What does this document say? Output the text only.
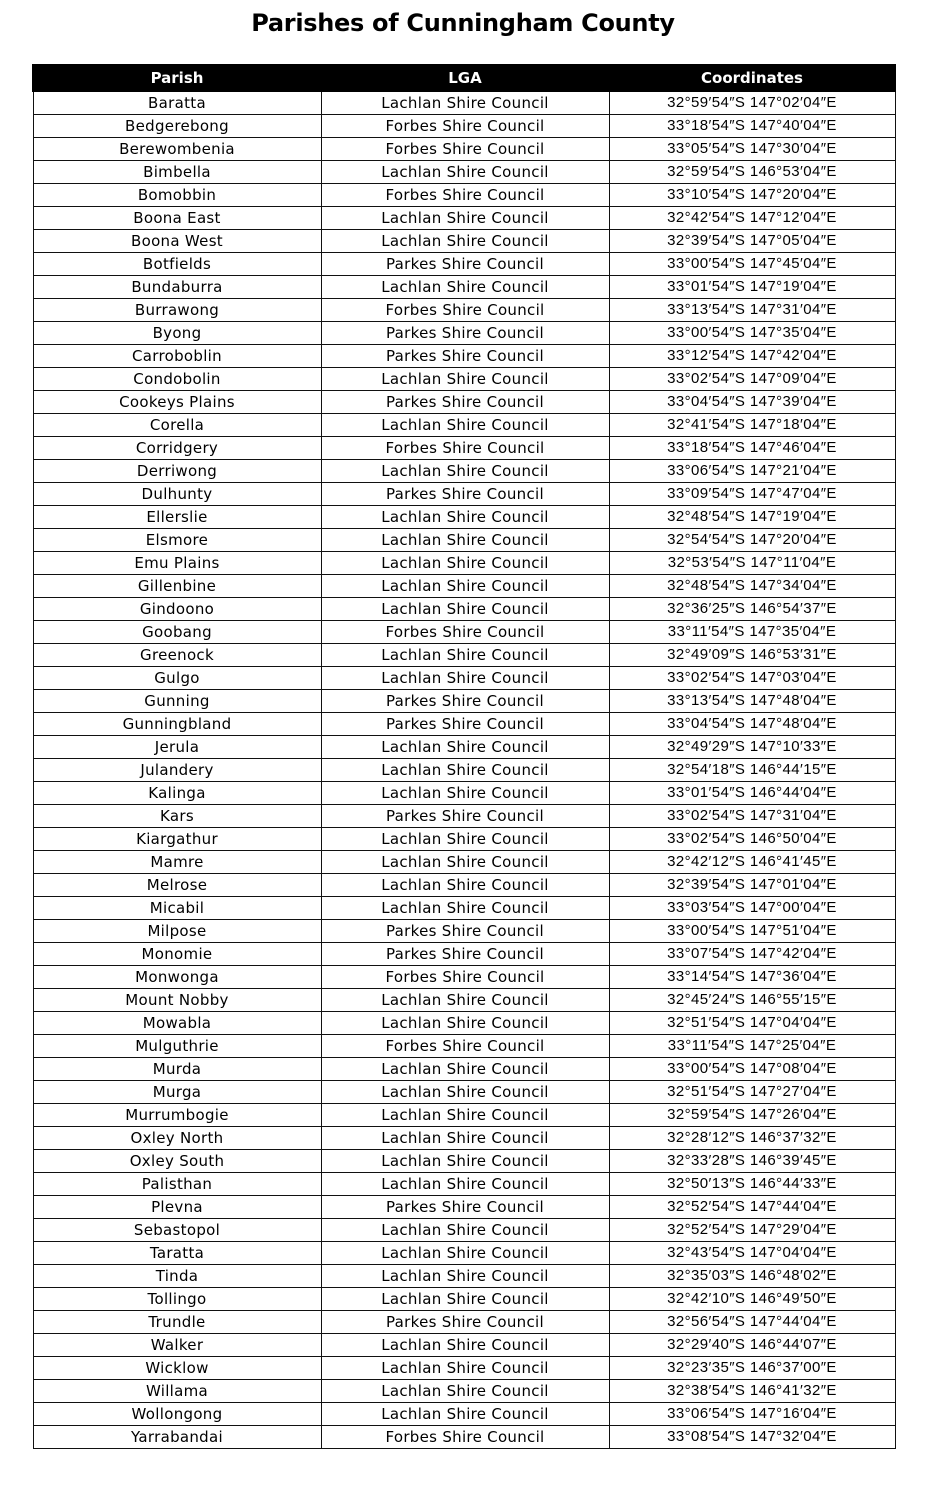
Parishes of Cunningham County
Parish	LGA	Coordinates
Baratta	Lachlan Shire Council	32°59′54″S 147°02′04″E
Bedgerebong	Forbes Shire Council	33°18′54″S 147°40′04″E
Berewombenia	Forbes Shire Council	33°05′54″S 147°30′04″E
Bimbella	Lachlan Shire Council	32°59′54″S 146°53′04″E
Bomobbin	Forbes Shire Council	33°10′54″S 147°20′04″E
Boona East	Lachlan Shire Council	32°42′54″S 147°12′04″E
Boona West	Lachlan Shire Council	32°39′54″S 147°05′04″E
Botfields	Parkes Shire Council	33°00′54″S 147°45′04″E
Bundaburra	Lachlan Shire Council	33°01′54″S 147°19′04″E
Burrawong	Forbes Shire Council	33°13′54″S 147°31′04″E
Byong	Parkes Shire Council	33°00′54″S 147°35′04″E
Carroboblin	Parkes Shire Council	33°12′54″S 147°42′04″E
Condobolin	Lachlan Shire Council	33°02′54″S 147°09′04″E
Cookeys Plains	Parkes Shire Council	33°04′54″S 147°39′04″E
Corella	Lachlan Shire Council	32°41′54″S 147°18′04″E
Corridgery	Forbes Shire Council	33°18′54″S 147°46′04″E
Derriwong	Lachlan Shire Council	33°06′54″S 147°21′04″E
Dulhunty	Parkes Shire Council	33°09′54″S 147°47′04″E
Ellerslie	Lachlan Shire Council	32°48′54″S 147°19′04″E
Elsmore	Lachlan Shire Council	32°54′54″S 147°20′04″E
Emu Plains	Lachlan Shire Council	32°53′54″S 147°11′04″E
Gillenbine	Lachlan Shire Council	32°48′54″S 147°34′04″E
Gindoono	Lachlan Shire Council	32°36′25″S 146°54′37″E
Goobang	Forbes Shire Council	33°11′54″S 147°35′04″E
Greenock	Lachlan Shire Council	32°49′09″S 146°53′31″E
Gulgo	Lachlan Shire Council	33°02′54″S 147°03′04″E
Gunning	Parkes Shire Council	33°13′54″S 147°48′04″E
Gunningbland	Parkes Shire Council	33°04′54″S 147°48′04″E
Jerula	Lachlan Shire Council	32°49′29″S 147°10′33″E
Julandery	Lachlan Shire Council	32°54′18″S 146°44′15″E
Kalinga	Lachlan Shire Council	33°01′54″S 146°44′04″E
Kars	Parkes Shire Council	33°02′54″S 147°31′04″E
Kiargathur	Lachlan Shire Council	33°02′54″S 146°50′04″E
Mamre	Lachlan Shire Council	32°42′12″S 146°41′45″E
Melrose	Lachlan Shire Council	32°39′54″S 147°01′04″E
Micabil	Lachlan Shire Council	33°03′54″S 147°00′04″E
Milpose	Parkes Shire Council	33°00′54″S 147°51′04″E
Monomie	Parkes Shire Council	33°07′54″S 147°42′04″E
Monwonga	Forbes Shire Council	33°14′54″S 147°36′04″E
Mount Nobby	Lachlan Shire Council	32°45′24″S 146°55′15″E
Mowabla	Lachlan Shire Council	32°51′54″S 147°04′04″E
Mulguthrie	Forbes Shire Council	33°11′54″S 147°25′04″E
Murda	Lachlan Shire Council	33°00′54″S 147°08′04″E
Murga	Lachlan Shire Council	32°51′54″S 147°27′04″E
Murrumbogie	Lachlan Shire Council	32°59′54″S 147°26′04″E
Oxley North	Lachlan Shire Council	32°28′12″S 146°37′32″E
Oxley South	Lachlan Shire Council	32°33′28″S 146°39′45″E
Palisthan	Lachlan Shire Council	32°50′13″S 146°44′33″E
Plevna	Parkes Shire Council	32°52′54″S 147°44′04″E
Sebastopol	Lachlan Shire Council	32°52′54″S 147°29′04″E
Taratta	Lachlan Shire Council	32°43′54″S 147°04′04″E
Tinda	Lachlan Shire Council	32°35′03″S 146°48′02″E
Tollingo	Lachlan Shire Council	32°42′10″S 146°49′50″E
Trundle	Parkes Shire Council	32°56′54″S 147°44′04″E
Walker	Lachlan Shire Council	32°29′40″S 146°44′07″E
Wicklow	Lachlan Shire Council	32°23′35″S 146°37′00″E
Willama	Lachlan Shire Council	32°38′54″S 146°41′32″E
Wollongong	Lachlan Shire Council	33°06′54″S 147°16′04″E
Yarrabandai	Forbes Shire Council	33°08′54″S 147°32′04″E
